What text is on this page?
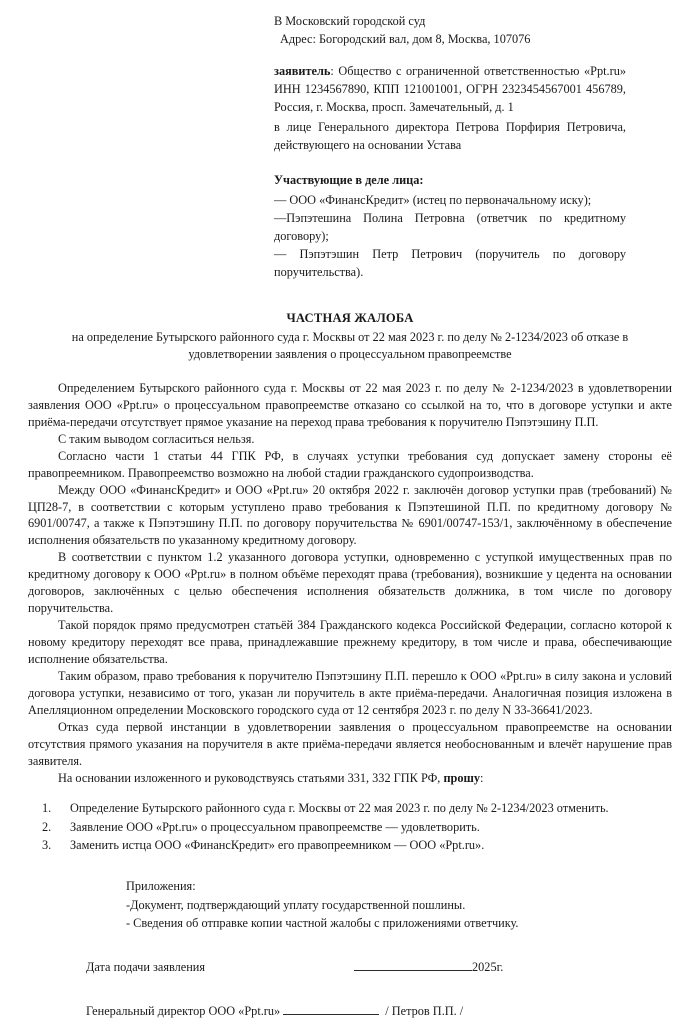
В Московский городской суд
Адрес: Богородский вал, дом 8, Москва, 107076
заявитель: Общество с ограниченной ответственностью «Ppt.ru» ИНН 1234567890, КПП 121001001, ОГРН 2323454567001 456789, Россия, г. Москва, просп. Замечательный, д. 1
в лице Генерального директора Петрова Порфирия Петровича, действующего на основании Устава
Участвующие в деле лица:
— ООО «ФинансКредит» (истец по первоначальному иску);
—Пэпэтешина Полина Петровна (ответчик по кредитному договору);
— Пэпэтэшин Петр Петрович (поручитель по договору поручительства).
ЧАСТНАЯ ЖАЛОБА
на определение Бутырского районного суда г. Москвы от 22 мая 2023 г. по делу № 2-1234/2023 об отказе в удовлетворении заявления о процессуальном правопреемстве

Определением Бутырского районного суда г. Москвы от 22 мая 2023 г. по делу № 2-1234/2023 в удовлетворении заявления ООО «Ppt.ru» о процессуальном правопреемстве отказано со ссылкой на то, что в договоре уступки и акте приёма-передачи отсутствует прямое указание на переход права требования к поручителю Пэпэтэшину П.П.

С таким выводом согласиться нельзя.

Согласно части 1 статьи 44 ГПК РФ, в случаях уступки требования суд допускает замену стороны её правопреемником. Правопреемство возможно на любой стадии гражданского судопроизводства.

Между ООО «ФинансКредит» и ООО «Ppt.ru» 20 октября 2022 г. заключён договор уступки прав (требований) № ЦП28-7, в соответствии с которым уступлено право требования к Пэпэтешиной П.П. по кредитному договору № 6901/00747, а также к Пэпэтэшину П.П. по договору поручительства № 6901/00747-153/1, заключённому в обеспечение исполнения обязательств по указанному кредитному договору.

В соответствии с пунктом 1.2 указанного договора уступки, одновременно с уступкой имущественных прав по кредитному договору к ООО «Ppt.ru» в полном объёме переходят права (требования), возникшие у цедента на основании договоров, заключённых с целью обеспечения исполнения обязательств должника, в том числе по договору поручительства.

Такой порядок прямо предусмотрен статьёй 384 Гражданского кодекса Российской Федерации, согласно которой к новому кредитору переходят все права, принадлежавшие прежнему кредитору, в том числе и права, обеспечивающие исполнение обязательства.

Таким образом, право требования к поручителю Пэпэтэшину П.П. перешло к ООО «Ppt.ru» в силу закона и условий договора уступки, независимо от того, указан ли поручитель в акте приёма-передачи. Аналогичная позиция изложена в Апелляционном определении Московского городского суда от 12 сентября 2023 г. по делу N 33-36641/2023.

Отказ суда первой инстанции в удовлетворении заявления о процессуальном правопреемстве на основании отсутствия прямого указания на поручителя в акте приёма-передачи является необоснованным и влечёт нарушение прав заявителя.

На основании изложенного и руководствуясь статьями 331, 332 ГПК РФ, прошу:

1.	Определение Бутырского районного суда г. Москвы от 22 мая 2023 г. по делу № 2-1234/2023 отменить.
2.	Заявление ООО «Ppt.ru» о процессуальном правопреемстве — удовлетворить.
3.	Заменить истца ООО «ФинансКредит» его правопреемником — ООО «Ppt.ru».
Приложения:
-Документ, подтверждающий уплату государственной пошлины.
- Сведения об отправке копии частной жалобы с приложениями ответчику.
Дата подачи заявления	2025г.
Генеральный директор ООО «Ppt.ru»	/ Петров П.П. /
